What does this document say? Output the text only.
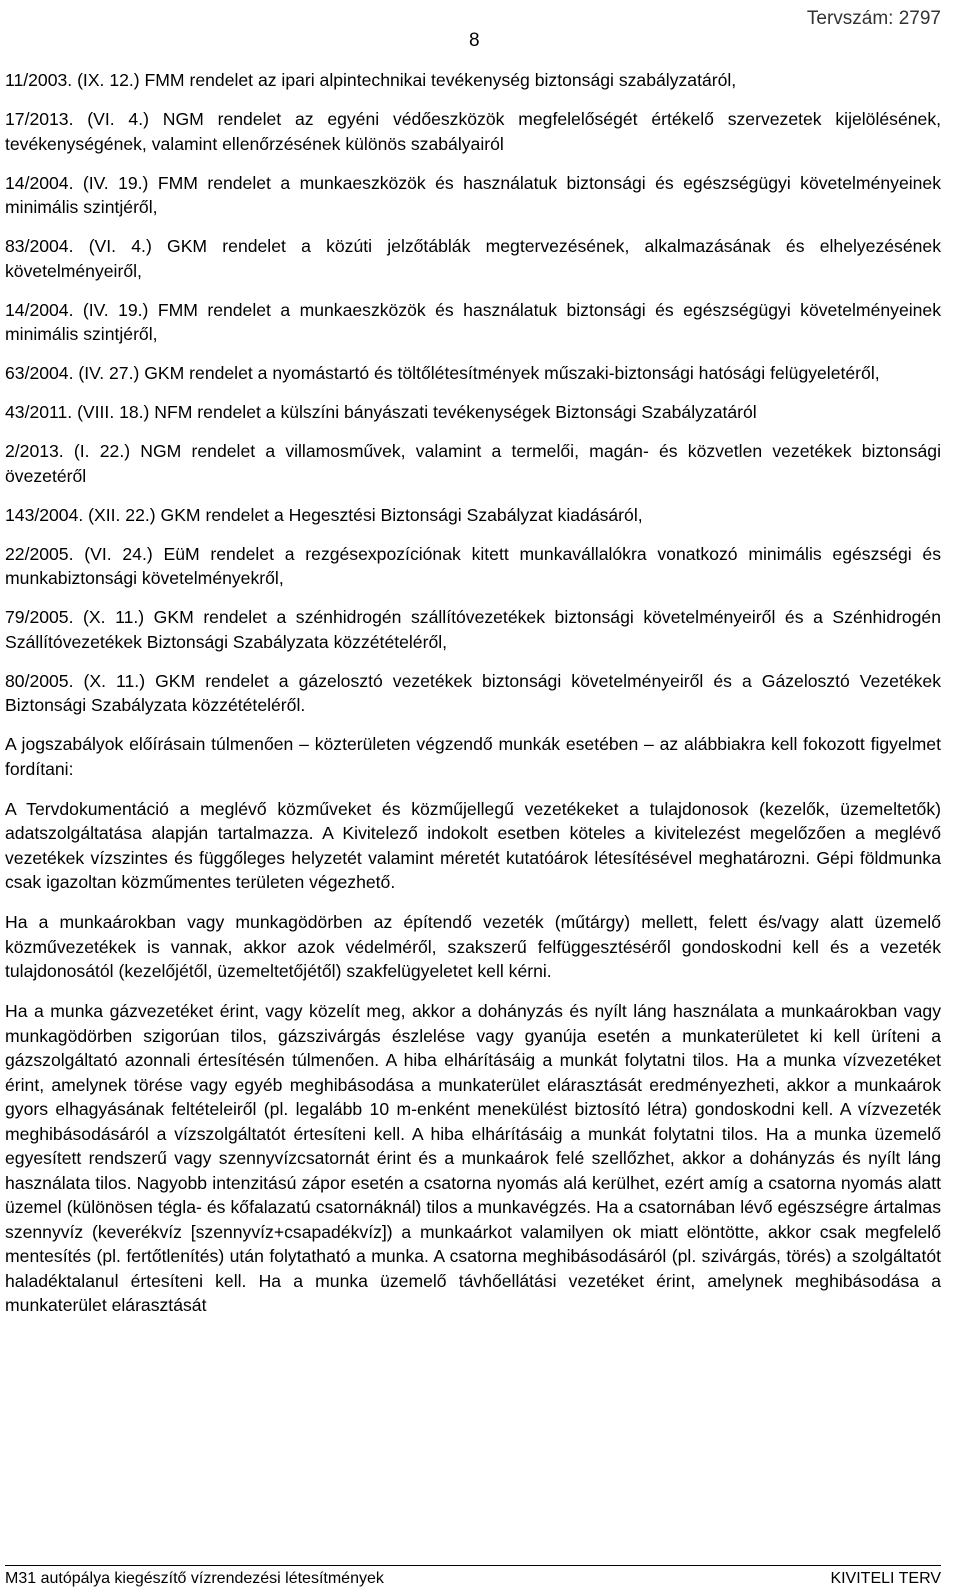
Tervszám: 2797
8

11/2003. (IX. 12.) FMM rendelet az ipari alpintechnikai tevékenység biztonsági szabályzatáról,

17/2013. (VI. 4.) NGM rendelet az egyéni védőeszközök megfelelőségét értékelő szervezetek kijelölésének, tevékenységének, valamint ellenőrzésének különös szabályairól

14/2004. (IV. 19.) FMM rendelet a munkaeszközök és használatuk biztonsági és egészségügyi követelményeinek minimális szintjéről,

83/2004. (VI. 4.) GKM rendelet a közúti jelzőtáblák megtervezésének, alkalmazásának és elhelyezésének követelményeiről,

14/2004. (IV. 19.) FMM rendelet a munkaeszközök és használatuk biztonsági és egészségügyi követelményeinek minimális szintjéről,

63/2004. (IV. 27.) GKM rendelet a nyomástartó és töltőlétesítmények műszaki-biztonsági hatósági felügyeletéről,

43/2011. (VIII. 18.) NFM rendelet a külszíni bányászati tevékenységek Biztonsági Szabályzatáról

2/2013. (I. 22.) NGM rendelet a villamosművek, valamint a termelői, magán- és közvetlen vezetékek biztonsági övezetéről

143/2004. (XII. 22.) GKM rendelet a Hegesztési Biztonsági Szabályzat kiadásáról,

22/2005. (VI. 24.) EüM rendelet a rezgésexpozíciónak kitett munkavállalókra vonatkozó minimális egészségi és munkabiztonsági követelményekről,

79/2005. (X. 11.) GKM rendelet a szénhidrogén szállítóvezetékek biztonsági követelményeiről és a Szénhidrogén Szállítóvezetékek Biztonsági Szabályzata közzétételéről,

80/2005. (X. 11.) GKM rendelet a gázelosztó vezetékek biztonsági követelményeiről és a Gázelosztó Vezetékek Biztonsági Szabályzata közzétételéről.

A jogszabályok előírásain túlmenően – közterületen végzendő munkák esetében – az alábbiakra kell fokozott figyelmet fordítani:

A Tervdokumentáció a meglévő közműveket és közműjellegű vezetékeket a tulajdonosok (kezelők, üzemeltetők) adatszolgáltatása alapján tartalmazza. A Kivitelező indokolt esetben köteles a kivitelezést megelőzően a meglévő vezetékek vízszintes és függőleges helyzetét valamint méretét kutatóárok létesítésével meghatározni. Gépi földmunka csak igazoltan közműmentes területen végezhető.

Ha a munkaárokban vagy munkagödörben az építendő vezeték (műtárgy) mellett, felett és/vagy alatt üzemelő közművezetékek is vannak, akkor azok védelméről, szakszerű felfüggesztéséről gondoskodni kell és a vezeték tulajdonosától (kezelőjétől, üzemeltetőjétől) szakfelügyeletet kell kérni.

Ha a munka gázvezetéket érint, vagy közelít meg, akkor a dohányzás és nyílt láng használata a munkaárokban vagy munkagödörben szigorúan tilos, gázszivárgás észlelése vagy gyanúja esetén a munkaterületet ki kell üríteni a gázszolgáltató azonnali értesítésén túlmenően. A hiba elhárításáig a munkát folytatni tilos. Ha a munka vízvezetéket érint, amelynek törése vagy egyéb meghibásodása a munkaterület elárasztását eredményezheti, akkor a munkaárok gyors elhagyásának feltételeiről (pl. legalább 10 m-enként menekülést biztosító létra) gondoskodni kell. A vízvezeték meghibásodásáról a vízszolgáltatót értesíteni kell. A hiba elhárításáig a munkát folytatni tilos. Ha a munka üzemelő egyesített rendszerű vagy szennyvízcsatornát érint és a munkaárok felé szellőzhet, akkor a dohányzás és nyílt láng használata tilos. Nagyobb intenzitású zápor esetén a csatorna nyomás alá kerülhet, ezért amíg a csatorna nyomás alatt üzemel (különösen tégla- és kőfalazatú csatornáknál) tilos a munkavégzés. Ha a csatornában lévő egészségre ártalmas szennyvíz (keverékvíz [szennyvíz+csapadékvíz]) a munkaárkot valamilyen ok miatt elöntötte, akkor csak megfelelő mentesítés (pl. fertőtlenítés) után folytatható a munka. A csatorna meghibásodásáról (pl. szivárgás, törés) a szolgáltatót haladéktalanul értesíteni kell. Ha a munka üzemelő távhőellátási vezetéket érint, amelynek meghibásodása a munkaterület elárasztását

M31 autópálya kiegészítő vízrendezési létesítmények	KIVITELI TERV
